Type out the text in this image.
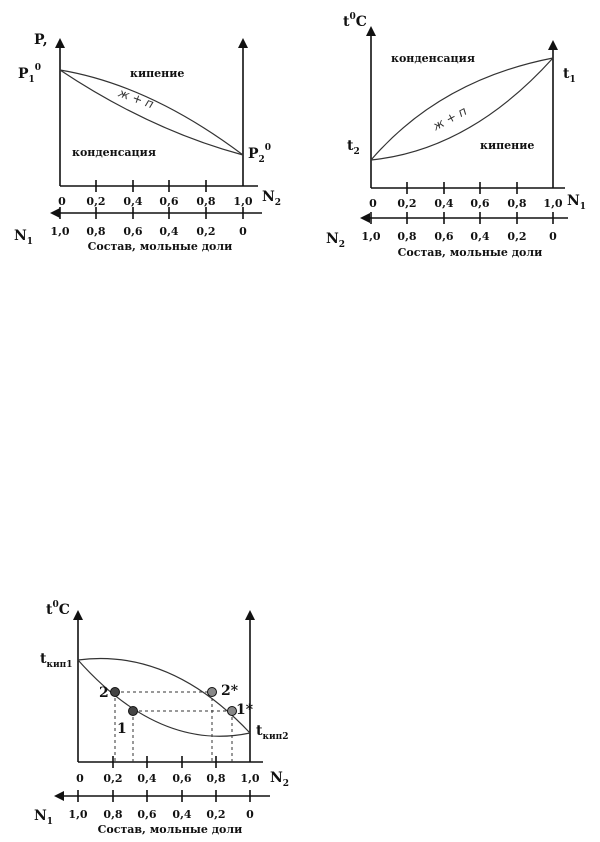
P,
$P_1^0$
$P_2^0$
кипение
конденсация
ж + п
$N_2$
$N_1$
0 0,2 0,4 0,6 0,8 1,0
1,0 0,8 0,6 0,4 0,2 0
Состав, мольные доли
$t^0C$
$t_1$
$t_2$
конденсация
кипение
ж + п
$N_1$
$N_2$
0 0,2 0,4 0,6 0,8 1,0
1,0 0,8 0,6 0,4 0,2 0
Состав, мольные доли
2
1
2*
1*
$t^0C$
$t_{кип1}$
$t_{кип2}$
$N_2$
$N_1$
0 0,2 0,4 0,6 0,8 1,0
1,0 0,8 0,6 0,4 0,2 0
Состав, мольные доли
